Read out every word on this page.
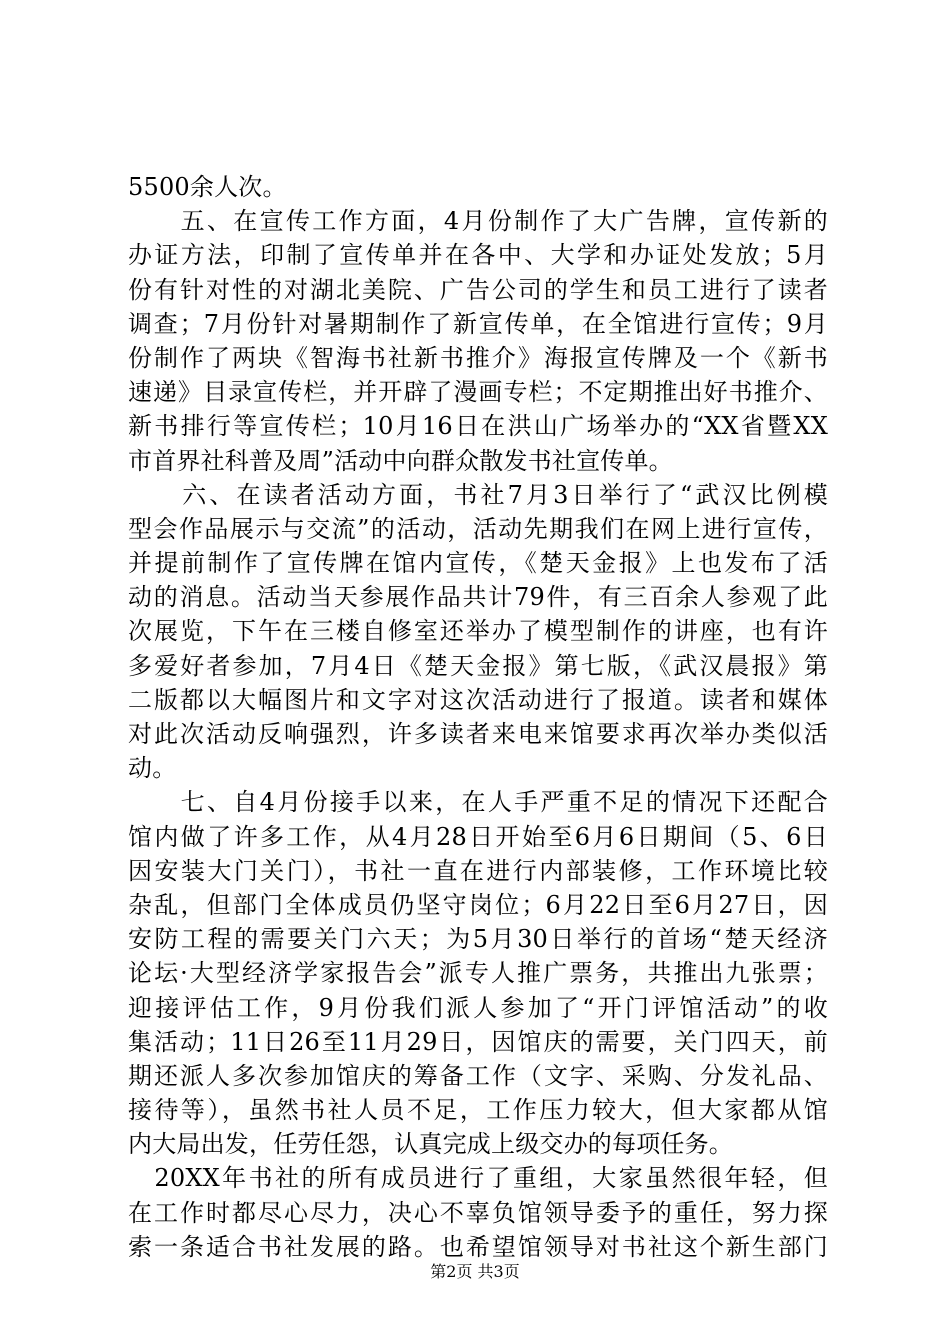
5500余人次。
　　五、在宣传工作方面，4月份制作了大广告牌，宣传新的
办证方法，印制了宣传单并在各中、大学和办证处发放；5月
份有针对性的对湖北美院、广告公司的学生和员工进行了读者
调查；7月份针对暑期制作了新宣传单，在全馆进行宣传；9月
份制作了两块《智海书社新书推介》海报宣传牌及一个《新书
速递》目录宣传栏，并开辟了漫画专栏；不定期推出好书推介、
新书排行等宣传栏；10月16日在洪山广场举办的“XX省暨XX
市首界社科普及周”活动中向群众散发书社宣传单。
　　六、在读者活动方面，书社7月3日举行了“武汉比例模
型会作品展示与交流”的活动，活动先期我们在网上进行宣传，
并提前制作了宣传牌在馆内宣传，《楚天金报》上也发布了活
动的消息。活动当天参展作品共计79件，有三百余人参观了此
次展览，下午在三楼自修室还举办了模型制作的讲座，也有许
多爱好者参加，7月4日《楚天金报》第七版，《武汉晨报》第
二版都以大幅图片和文字对这次活动进行了报道。读者和媒体
对此次活动反响强烈，许多读者来电来馆要求再次举办类似活
动。
　　七、自4月份接手以来，在人手严重不足的情况下还配合
馆内做了许多工作，从4月28日开始至6月6日期间（5、6日
因安装大门关门），书社一直在进行内部装修，工作环境比较
杂乱，但部门全体成员仍坚守岗位；6月22日至6月27日，因
安防工程的需要关门六天；为5月30日举行的首场“楚天经济
论坛·大型经济学家报告会”派专人推广票务，共推出九张票；
迎接评估工作，9月份我们派人参加了“开门评馆活动”的收
集活动；11日26至11月29日，因馆庆的需要，关门四天，前
期还派人多次参加馆庆的筹备工作（文字、采购、分发礼品、
接待等），虽然书社人员不足，工作压力较大，但大家都从馆
内大局出发，任劳任怨，认真完成上级交办的每项任务。
　20XX年书社的所有成员进行了重组，大家虽然很年轻，但
在工作时都尽心尽力，决心不辜负馆领导委予的重任，努力探
索一条适合书社发展的路。也希望馆领导对书社这个新生部门
第2页 共3页
